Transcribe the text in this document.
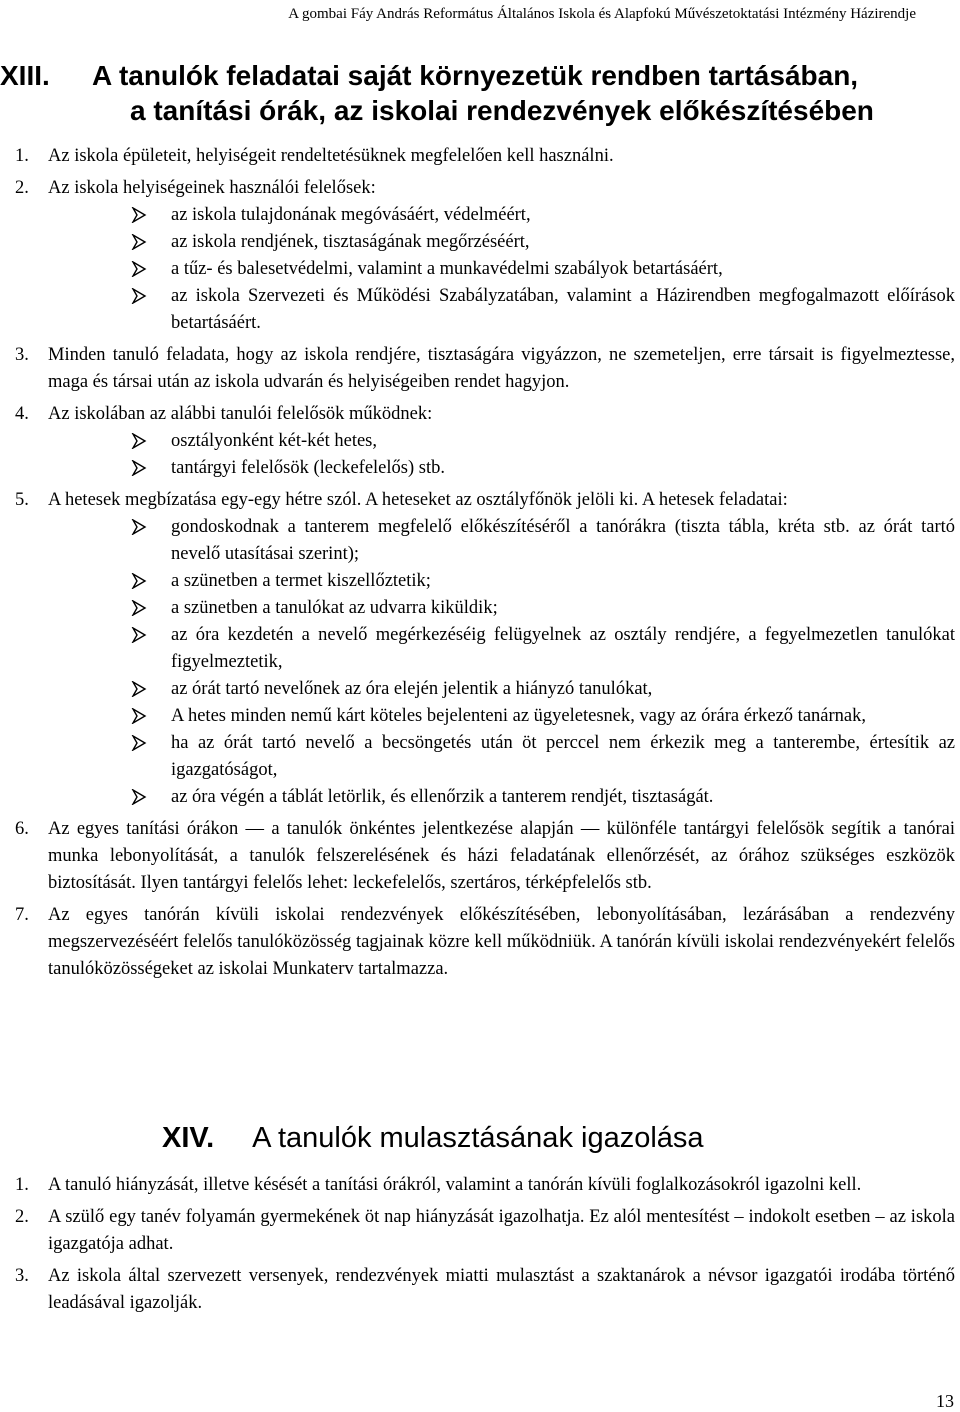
A gombai Fáy András Református Általános Iskola és Alapfokú Művészetoktatási Intézmény Házirendje
XIII. A tanulók feladatai saját környezetük rendben tartásában,
a tanítási órák, az iskolai rendezvények előkészítésében
1. Az iskola épületeit, helyiségeit rendeltetésüknek megfelelően kell használni.

2. Az iskola helyiségeinek használói felelősek:

az iskola tulajdonának megóvásáért, védelméért,
az iskola rendjének, tisztaságának megőrzéséért,
a tűz- és balesetvédelmi, valamint a munkavédelmi szabályok betartásáért,
az iskola Szervezeti és Működési Szabályzatában, valamint a Házirendben megfogalmazott előírások betartásáért.
3. Minden tanuló feladata, hogy az iskola rendjére, tisztaságára vigyázzon, ne szemeteljen, erre társait is figyelmeztesse, maga és társai után az iskola udvarán és helyiségeiben rendet hagyjon.

4. Az iskolában az alábbi tanulói felelősök működnek:

osztályonként két-két hetes,
tantárgyi felelősök (leckefelelős) stb.
5. A hetesek megbízatása egy-egy hétre szól. A heteseket az osztályfőnök jelöli ki. A hetesek feladatai:

gondoskodnak a tanterem megfelelő előkészítéséről a tanórákra (tiszta tábla, kréta stb. az órát tartó nevelő utasításai szerint);
a szünetben a termet kiszellőztetik;
a szünetben a tanulókat az udvarra kiküldik;
az óra kezdetén a nevelő megérkezéséig felügyelnek az osztály rendjére, a fegyelmezetlen tanulókat figyelmeztetik,
az órát tartó nevelőnek az óra elején jelentik a hiányzó tanulókat,
A hetes minden nemű kárt köteles bejelenteni az ügyeletesnek, vagy az órára érkező tanárnak,
ha az órát tartó nevelő a becsöngetés után öt perccel nem érkezik meg a tanterembe, értesítik az igazgatóságot,
az óra végén a táblát letörlik, és ellenőrzik a tanterem rendjét, tisztaságát.
6. Az egyes tanítási órákon — a tanulók önkéntes jelentkezése alapján — különféle tantárgyi felelősök segítik a tanórai munka lebonyolítását, a tanulók felszerelésének és házi feladatának ellenőrzését, az órához szükséges eszközök biztosítását. Ilyen tantárgyi felelős lehet: leckefelelős, szertáros, térképfelelős stb.

7. Az egyes tanórán kívüli iskolai rendezvények előkészítésében, lebonyolításában, lezárásában a rendezvény megszervezéséért felelős tanulóközösség tagjainak közre kell működniük. A tanórán kívüli iskolai rendezvényekért felelős tanulóközösségeket az iskolai Munkaterv tartalmazza.

XIV. A tanulók mulasztásának igazolása
1. A tanuló hiányzását, illetve késését a tanítási órákról, valamint a tanórán kívüli foglalkozásokról igazolni kell.

2. A szülő egy tanév folyamán gyermekének öt nap hiányzását igazolhatja. Ez alól mentesítést – indokolt esetben – az iskola igazgatója adhat.

3. Az iskola által szervezett versenyek, rendezvények miatti mulasztást a szaktanárok a névsor igazgatói irodába történő leadásával igazolják.

13
